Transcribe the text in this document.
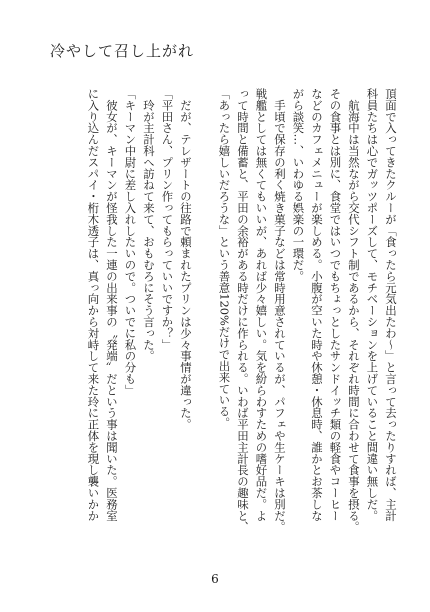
冷やして召し上がれ

頂面で入ってきたクルーが「食ったら元気出たわ〜」と言って去ったりすれば、主計

科員たちは心でガッツポーズして、モチベーションを上げていること間違い無しだ。

　航海中は当然ながら交代シフト制であるから、それぞれ時間に合わせて食事を摂る。

その食事とは別に、食堂ではいつでもちょっとしたサンドイッチ類の軽食やコーヒー

などのカフェメニューが楽しめる。小腹が空いた時や休憩・休息時、誰かとお茶しな

がら談笑…、いわゆる娯楽の一環だ。

　手頃で保存の利く焼き菓子などは常時用意されているが、パフェや生ケーキは別だ。

戦艦としては無くてもいいが、あれば少々嬉しい。気を紛らわすための嗜好品だ。よ

って時間と備蓄と、平田の余裕がある時だけに作られる。いわば平田主計長の趣味と、

「あったら嬉しいだろうな」という善意120%だけで出来ている。

　だが、テレザートの往路で頼まれたプリンは少々事情が違った。

「平田さん、プリン作ってもらっていいですか？」

　玲が主計科へ訪ねて来て、おもむろにそう言った。

「キーマン中尉に差し入れしたいので。ついでに私の分も」

　彼女が、キーマンが怪我した一連の出来事の〝発端〟だという事は聞いた。医務室

に入り込んだスパイ・桁木透子は、真っ向から対峙して来た玲に正体を現し襲いかか

6
